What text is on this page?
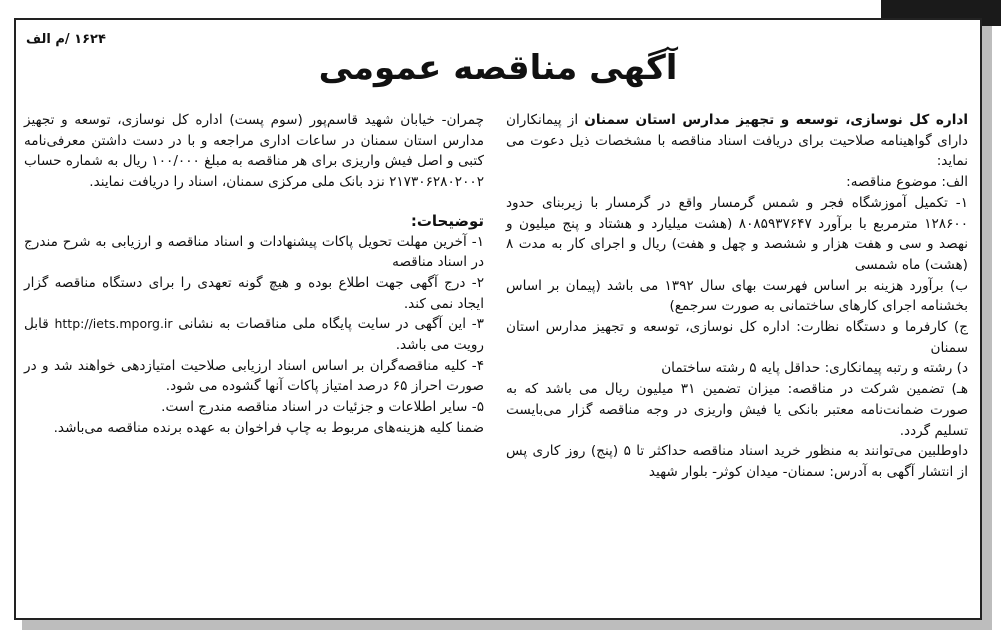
۱۶۲۴ /م الف
آگهی مناقصه عمومی

اداره کل نوسازی، توسعه و تجهیز مدارس استان سمنان از پیمانکاران دارای گواهینامه صلاحیت برای دریافت اسناد مناقصه با مشخصات ذیل دعوت می نماید:

الف: موضوع مناقصه:

۱- تکمیل آموزشگاه فجر و شمس گرمسار واقع در گرمسار با زیربنای حدود ۱۲۸۶۰۰ مترمربع با برآورد ۸۰۸۵۹۳۷۶۴۷ (هشت میلیارد و هشتاد و پنج میلیون و نهصد و سی و هفت هزار و ششصد و چهل و هفت) ریال و اجرای کار به مدت ۸ (هشت) ماه شمسی

ب) برآورد هزینه بر اساس فهرست بهای سال ۱۳۹۲ می باشد (پیمان بر اساس بخشنامه اجرای کارهای ساختمانی به صورت سرجمع)

ج) کارفرما و دستگاه نظارت: اداره کل نوسازی، توسعه و تجهیز مدارس استان سمنان

د) رشته و رتبه پیمانکاری: حداقل پایه ۵ رشته ساختمان

هـ) تضمین شرکت در مناقصه: میزان تضمین ۳۱ میلیون ریال می باشد که به صورت ضمانت‌نامه معتبر بانکی یا فیش واریزی در وجه مناقصه گزار می‌بایست تسلیم گردد.

داوطلبین می‌توانند به منظور خرید اسناد مناقصه حداکثر تا ۵ (پنج) روز کاری پس از انتشار آگهی به آدرس: سمنان- میدان کوثر- بلوار شهید

چمران- خیابان شهید قاسم‌پور (سوم پست) اداره کل نوسازی، توسعه و تجهیز مدارس استان سمنان در ساعات اداری مراجعه و با در دست داشتن معرفی‌نامه کتبی و اصل فیش واریزی برای هر مناقصه به مبلغ ۱۰۰/۰۰۰ ریال به شماره حساب ۲۱۷۳۰۶۲۸۰۲۰۰۲ نزد بانک ملی مرکزی سمنان، اسناد را دریافت نمایند.

توضیحات:

۱- آخرین مهلت تحویل پاکات پیشنهادات و اسناد مناقصه و ارزیابی به شرح مندرج در اسناد مناقصه

۲- درج آگهی جهت اطلاع بوده و هیچ گونه تعهدی را برای دستگاه مناقصه گزار ایجاد نمی کند.

۳- این آگهی در سایت پایگاه ملی مناقصات به نشانی http://iets.mporg.ir قابل رویت می باشد.

۴- کلیه مناقصه‌گران بر اساس اسناد ارزیابی صلاحیت امتیازدهی خواهند شد و در صورت احراز ۶۵ درصد امتیاز پاکات آنها گشوده می شود.

۵- سایر اطلاعات و جزئیات در اسناد مناقصه مندرج است.

ضمنا کلیه هزینه‌های مربوط به چاپ فراخوان به عهده برنده مناقصه می‌باشد.
